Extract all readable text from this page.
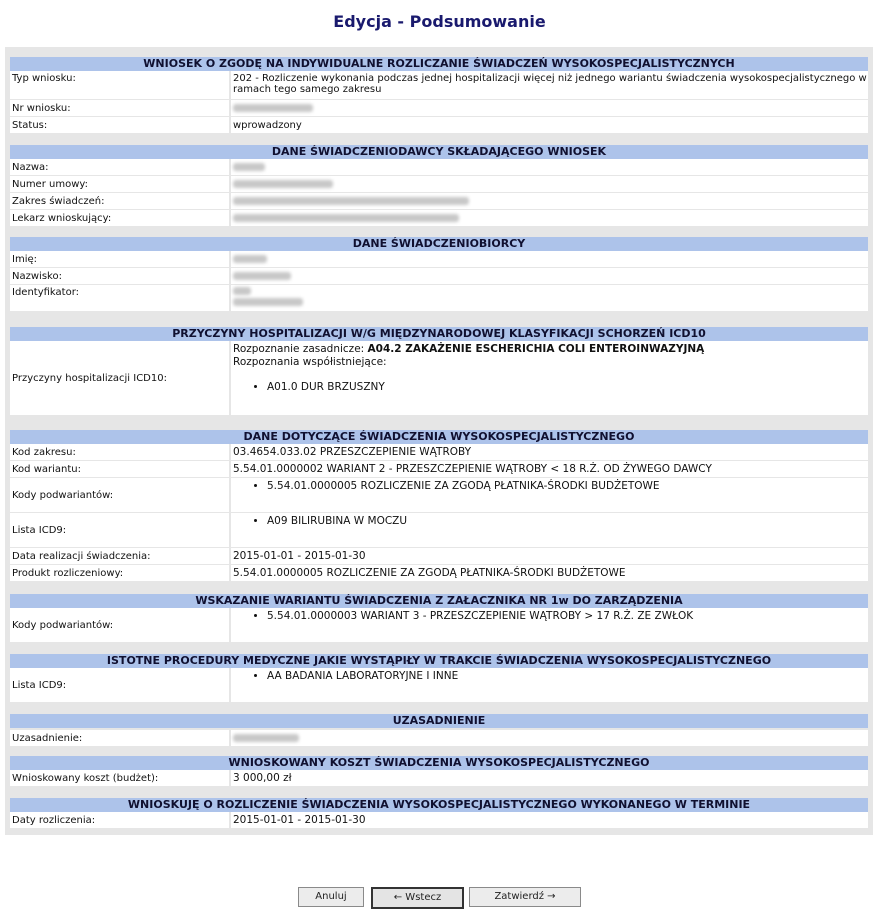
Edycja - Podsumowanie
WNIOSEK O ZGODĘ NA INDYWIDUALNE ROZLICZANIE ŚWIADCZEŃ WYSOKOSPECJALISTYCZNYCH
Typ wniosku:	202 - Rozliczenie wykonania podczas jednej hospitalizacji więcej niż jednego wariantu świadczenia wysokospecjalistycznego w ramach tego samego zakresu
Nr wniosku:
Status:	wprowadzony
DANE ŚWIADCZENIODAWCY SKŁADAJĄCEGO WNIOSEK
Nazwa:
Numer umowy:
Zakres świadczeń:
Lekarz wnioskujący:
DANE ŚWIADCZENIOBIORCY
Imię:
Nazwisko:
Identyfikator:
PRZYCZYNY HOSPITALIZACJI W/G MIĘDZYNARODOWEJ KLASYFIKACJI SCHORZEŃ ICD10
Przyczyny hospitalizacji ICD10:
Rozpoznanie zasadnicze: A04.2 ZAKAŻENIE ESCHERICHIA COLI ENTEROINWAZYJNĄ
Rozpoznania współistniejące:
• A01.0 DUR BRZUSZNY
DANE DOTYCZĄCE ŚWIADCZENIA WYSOKOSPECJALISTYCZNEGO
Kod zakresu:	03.4654.033.02 PRZESZCZEPIENIE WĄTROBY
Kod wariantu:	5.54.01.0000002 WARIANT 2 - PRZESZCZEPIENIE WĄTROBY < 18 R.Ż. OD ŻYWEGO DAWCY
Kody podwariantów:
• 5.54.01.0000005 ROZLICZENIE ZA ZGODĄ PŁATNIKA-ŚRODKI BUDŻETOWE
Lista ICD9:
• A09 BILIRUBINA W MOCZU
Data realizacji świadczenia:	2015-01-01 - 2015-01-30
Produkt rozliczeniowy:	5.54.01.0000005 ROZLICZENIE ZA ZGODĄ PŁATNIKA-ŚRODKI BUDŻETOWE
WSKAZANIE WARIANTU ŚWIADCZENIA Z ZAŁACZNIKA NR 1w DO ZARZĄDZENIA
Kody podwariantów:
• 5.54.01.0000003 WARIANT 3 - PRZESZCZEPIENIE WĄTROBY > 17 R.Ż. ZE ZWŁOK
ISTOTNE PROCEDURY MEDYCZNE JAKIE WYSTĄPIŁY W TRAKCIE ŚWIADCZENIA WYSOKOSPECJALISTYCZNEGO
Lista ICD9:
• AA BADANIA LABORATORYJNE I INNE
UZASADNIENIE
Uzasadnienie:
WNIOSKOWANY KOSZT ŚWIADCZENIA WYSOKOSPECJALISTYCZNEGO
Wnioskowany koszt (budżet):	3 000,00 zł
WNIOSKUJĘ O ROZLICZENIE ŚWIADCZENIA WYSOKOSPECJALISTYCZNEGO WYKONANEGO W TERMINIE
Daty rozliczenia:	2015-01-01 - 2015-01-30
Anuluj	← Wstecz	Zatwierdź →
